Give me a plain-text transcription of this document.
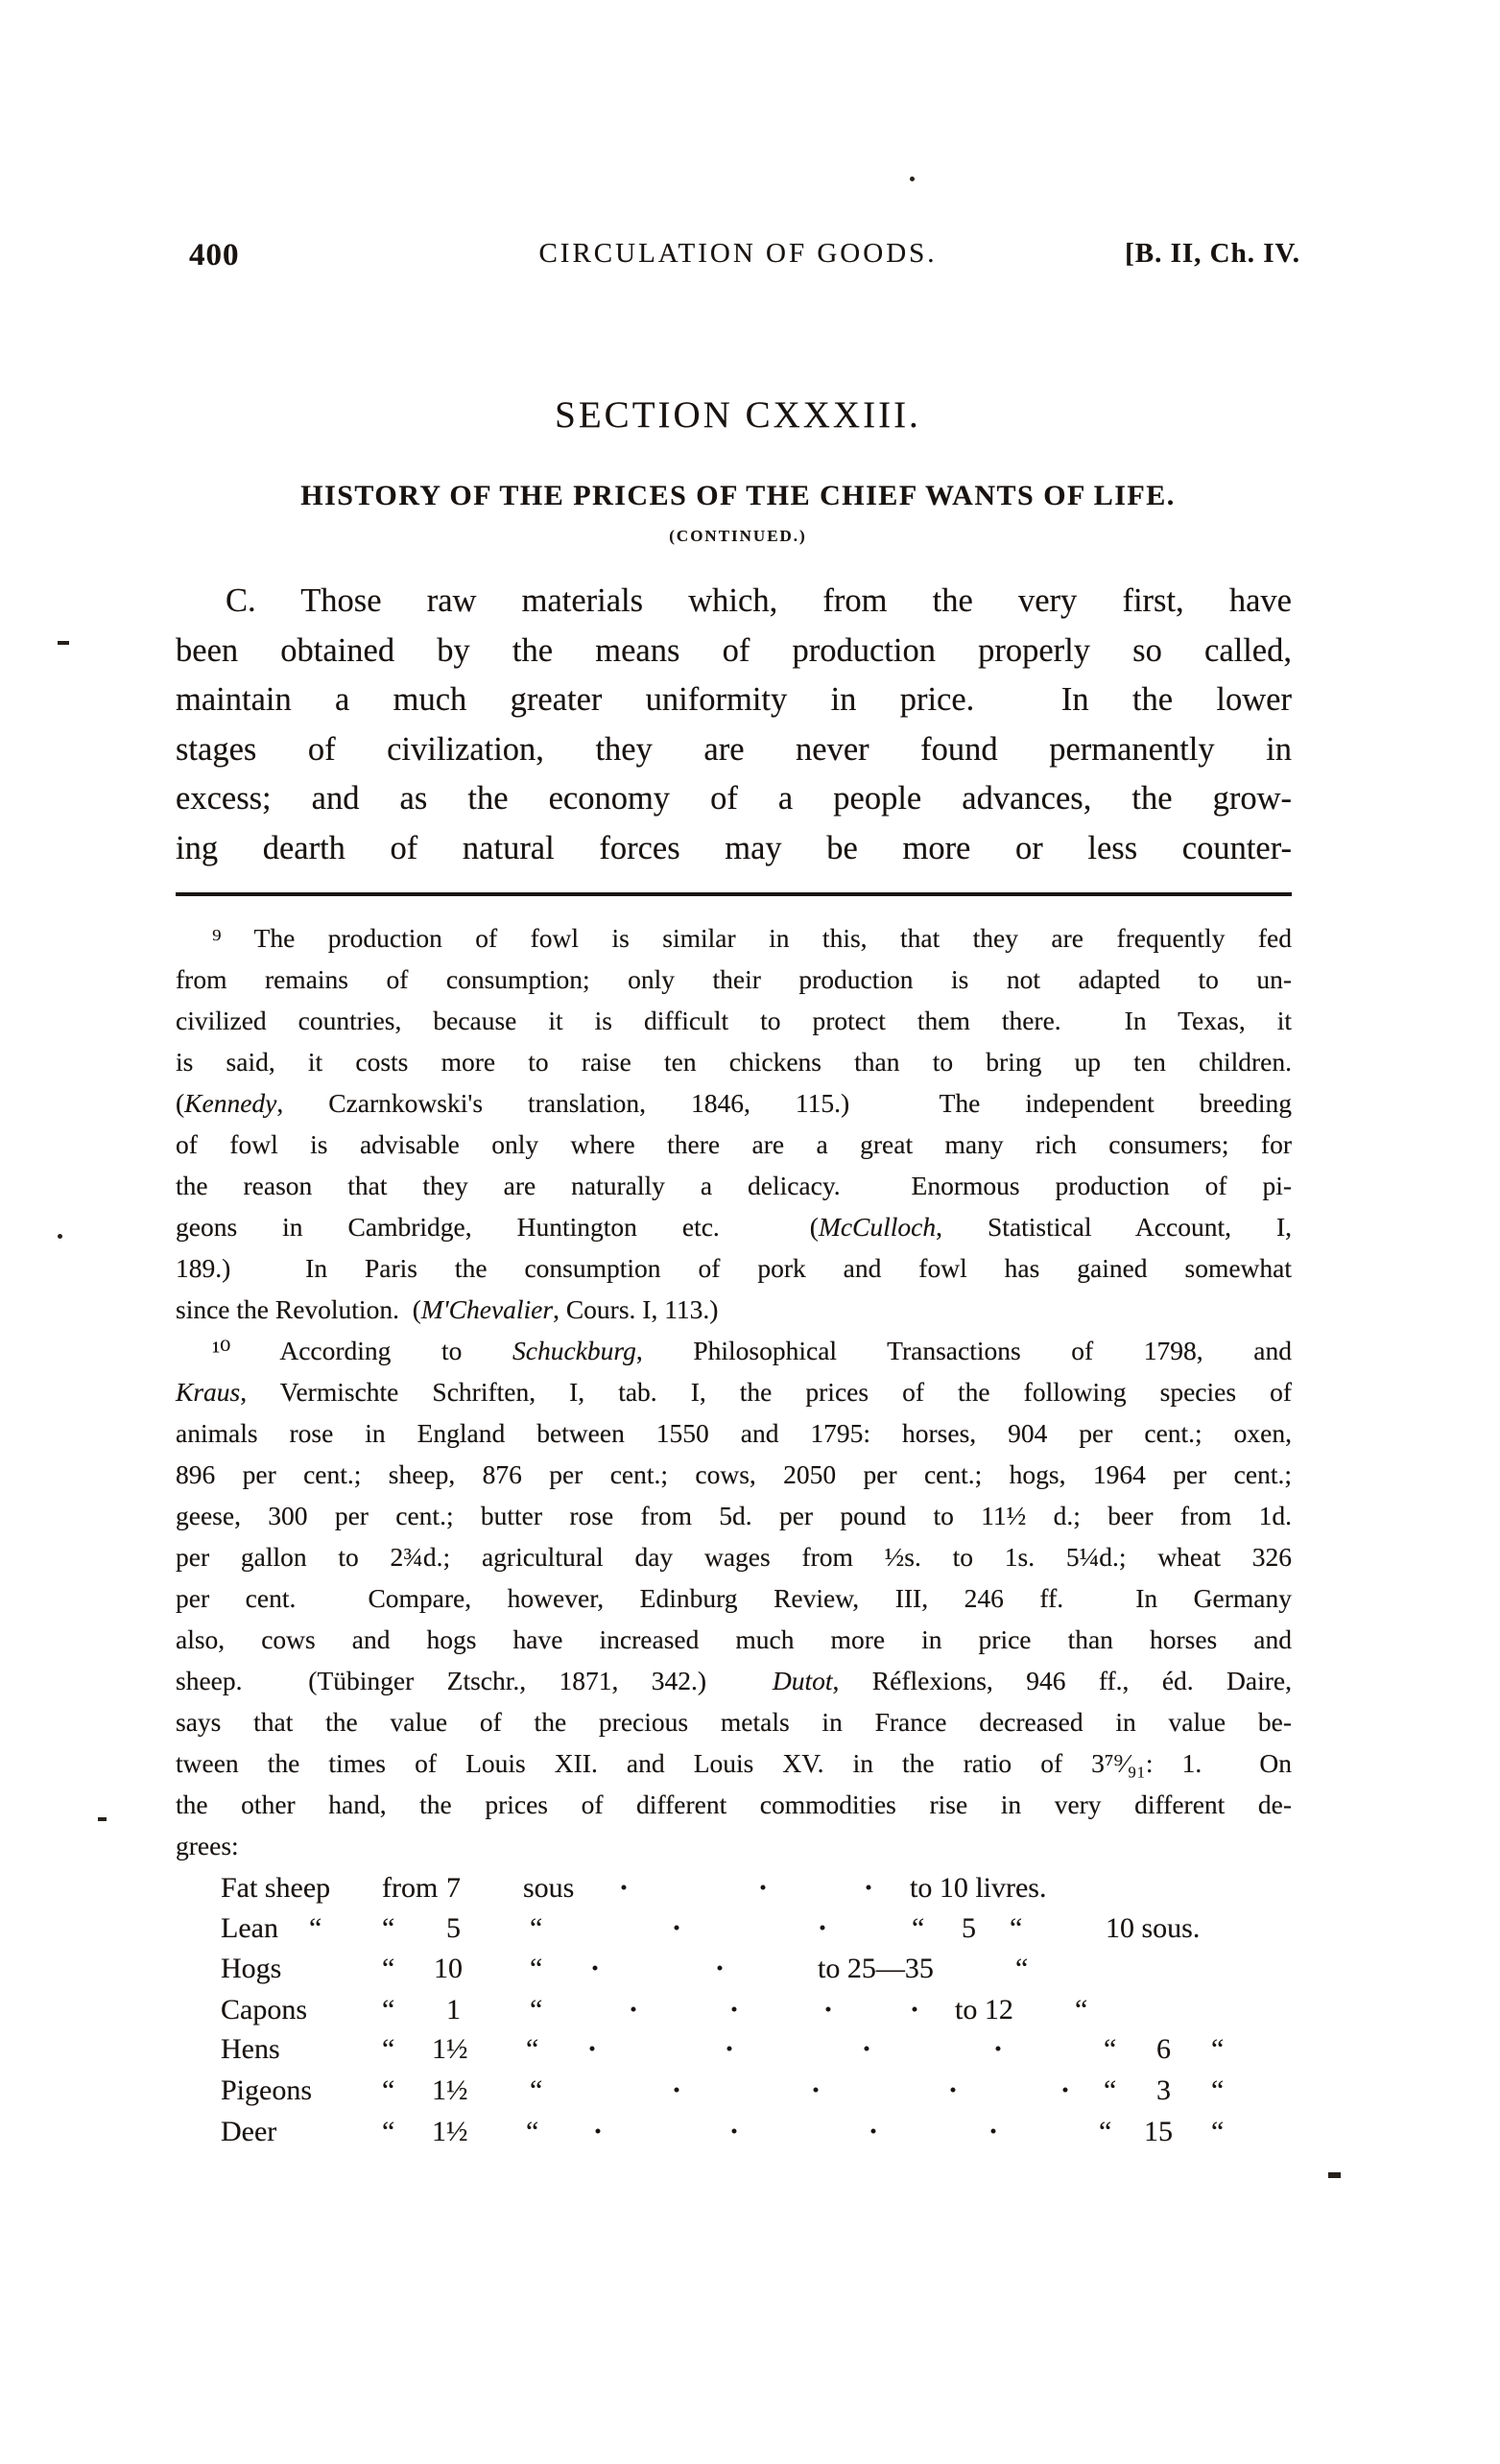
400	CIRCULATION OF GOODS.	[B. II, Ch. IV.
SECTION CXXXIII.
HISTORY OF THE PRICES OF THE CHIEF WANTS OF LIFE.
(CONTINUED.)
C. Those raw materials which, from the very first, have
been obtained by the means of production properly so called,
maintain a much greater uniformity in price.  In the lower
stages of civilization, they are never found permanently in
excess; and as the economy of a people advances, the grow-
ing dearth of natural forces may be more or less counter-
⁹ The production of fowl is similar in this, that they are frequently fed
from remains of consumption; only their production is not adapted to un-
civilized countries, because it is difficult to protect them there.  In Texas, it
is said, it costs more to raise ten chickens than to bring up ten children.
(Kennedy, Czarnkowski's translation, 1846, 115.)  The independent breeding
of fowl is advisable only where there are a great many rich consumers; for
the reason that they are naturally a delicacy.  Enormous production of pi-
geons in Cambridge, Huntington etc.  (McCulloch, Statistical Account, I,
189.)  In Paris the consumption of pork and fowl has gained somewhat
since the Revolution.  (M'Chevalier, Cours. I, 113.)
¹⁰ According to Schuckburg, Philosophical Transactions of 1798, and
Kraus, Vermischte Schriften, I, tab. I, the prices of the following species of
animals rose in England between 1550 and 1795: horses, 904 per cent.; oxen,
896 per cent.; sheep, 876 per cent.; cows, 2050 per cent.; hogs, 1964 per cent.;
geese, 300 per cent.; butter rose from 5d. per pound to 11½ d.; beer from 1d.
per gallon to 2¾d.; agricultural day wages from ½s. to 1s. 5¼d.; wheat 326
per cent.  Compare, however, Edinburg Review, III, 246 ff.  In Germany
also, cows and hogs have increased much more in price than horses and
sheep.  (Tübinger Ztschr., 1871, 342.)  Dutot, Réflexions, 946 ff., éd. Daire,
says that the value of the precious metals in France decreased in value be-
tween the times of Louis XII. and Louis XV. in the ratio of 3⁷⁹⁄₉₁: 1.  On
the other hand, the prices of different commodities rise in very different de-
grees:
Fat sheep from 7 sous ·	·	· to 10 livres.
Lean “ “ 5 “	·	·	“ 5 “	10 sous.
Hogs	“ 10 “ ·	·	to 25—35	“
Capons	“ 1 “	·	·	·	· to 12 “
Hens	“ 1½ “ ·	·	·	·	“ 6 “
Pigeons “ 1½ “	·	·	·	· “ 3 “
Deer	“ 1½ “ ·	·	·	·	“ 15 “
